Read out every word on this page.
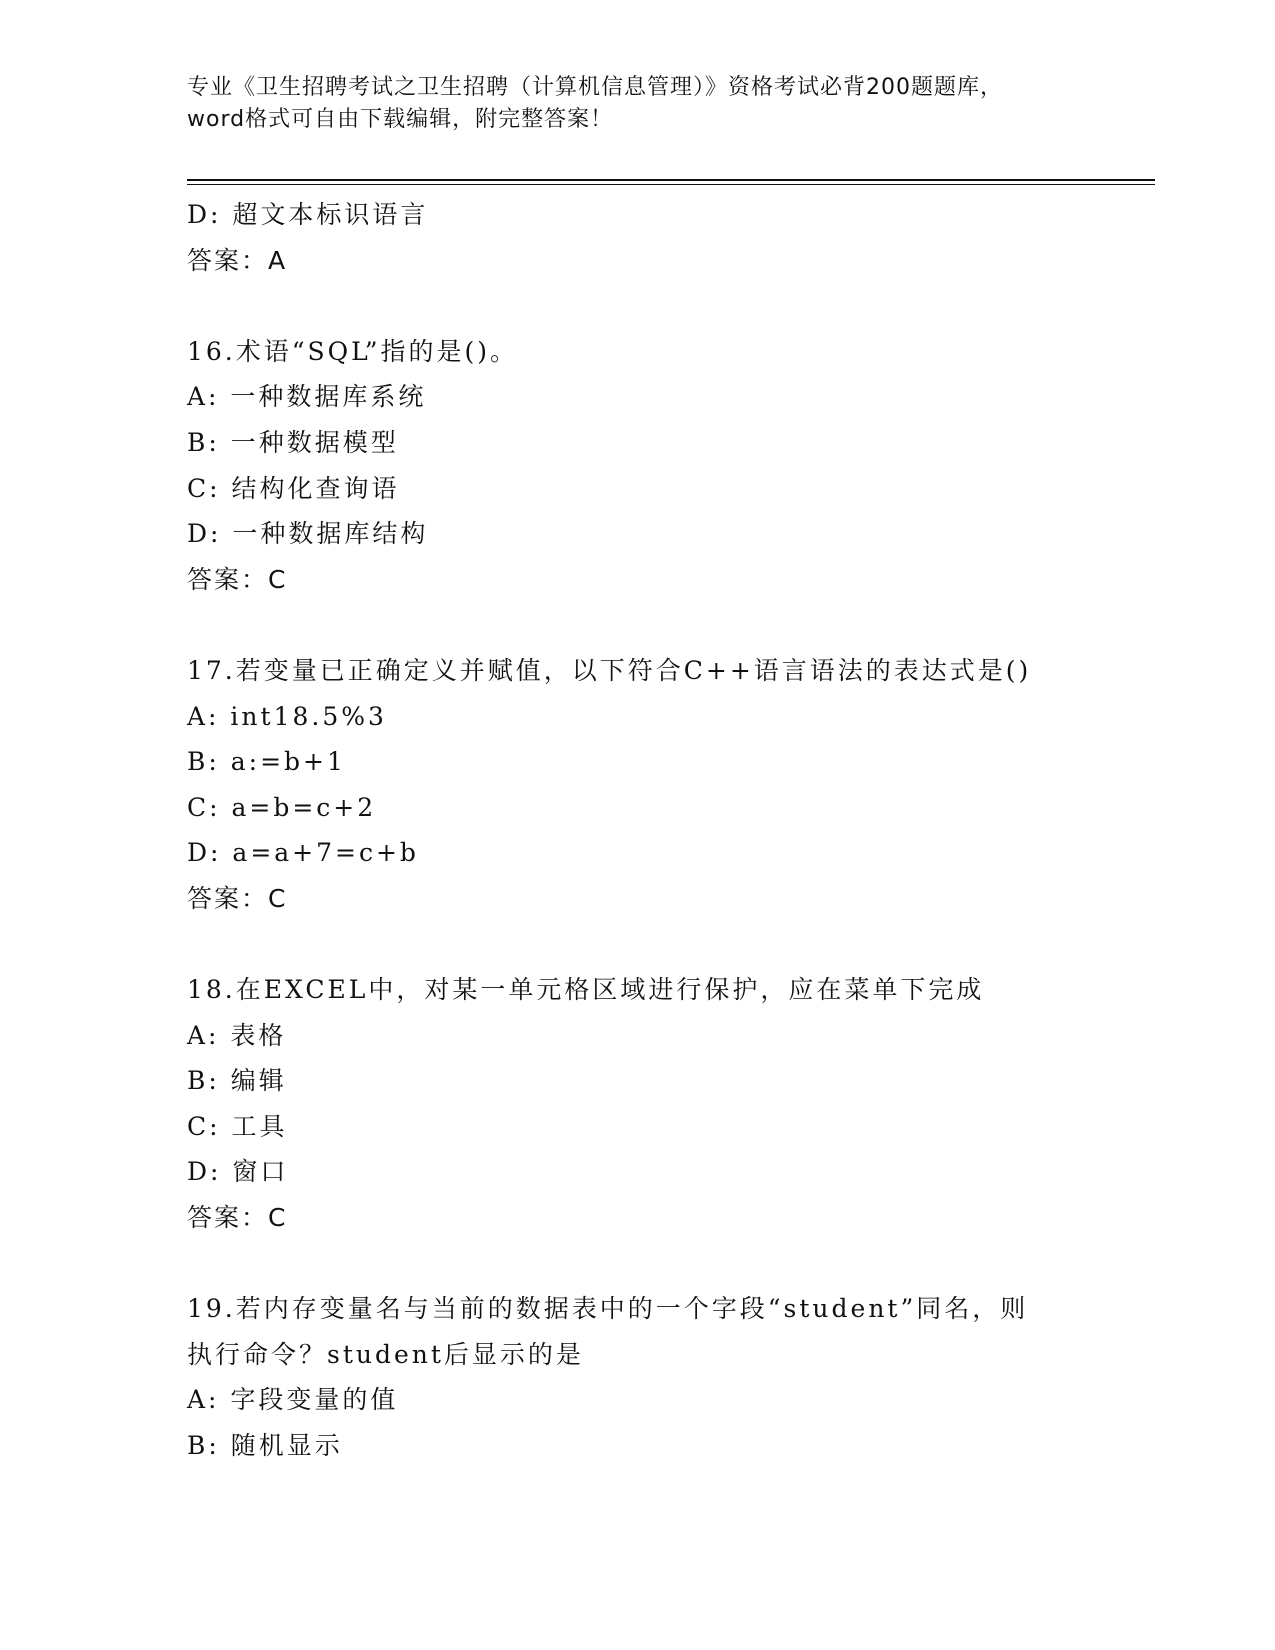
专业《卫生招聘考试之卫生招聘（计算机信息管理）》资格考试必背200题题库，
word格式可自由下载编辑，附完整答案！
D: 超文本标识语言
答案：A
16.术语“SQL”指的是()。
A: 一种数据库系统
B: 一种数据模型
C: 结构化查询语
D: 一种数据库结构
答案：C
17.若变量已正确定义并赋值，以下符合C++语言语法的表达式是()
A: int18.5%3
B: a:=b+1
C: a=b=c+2
D: a=a+7=c+b
答案：C
18.在EXCEL中，对某一单元格区域进行保护，应在菜单下完成
A: 表格
B: 编辑
C: 工具
D: 窗口
答案：C
19.若内存变量名与当前的数据表中的一个字段“student”同名，则
执行命令？student后显示的是
A: 字段变量的值
B: 随机显示
